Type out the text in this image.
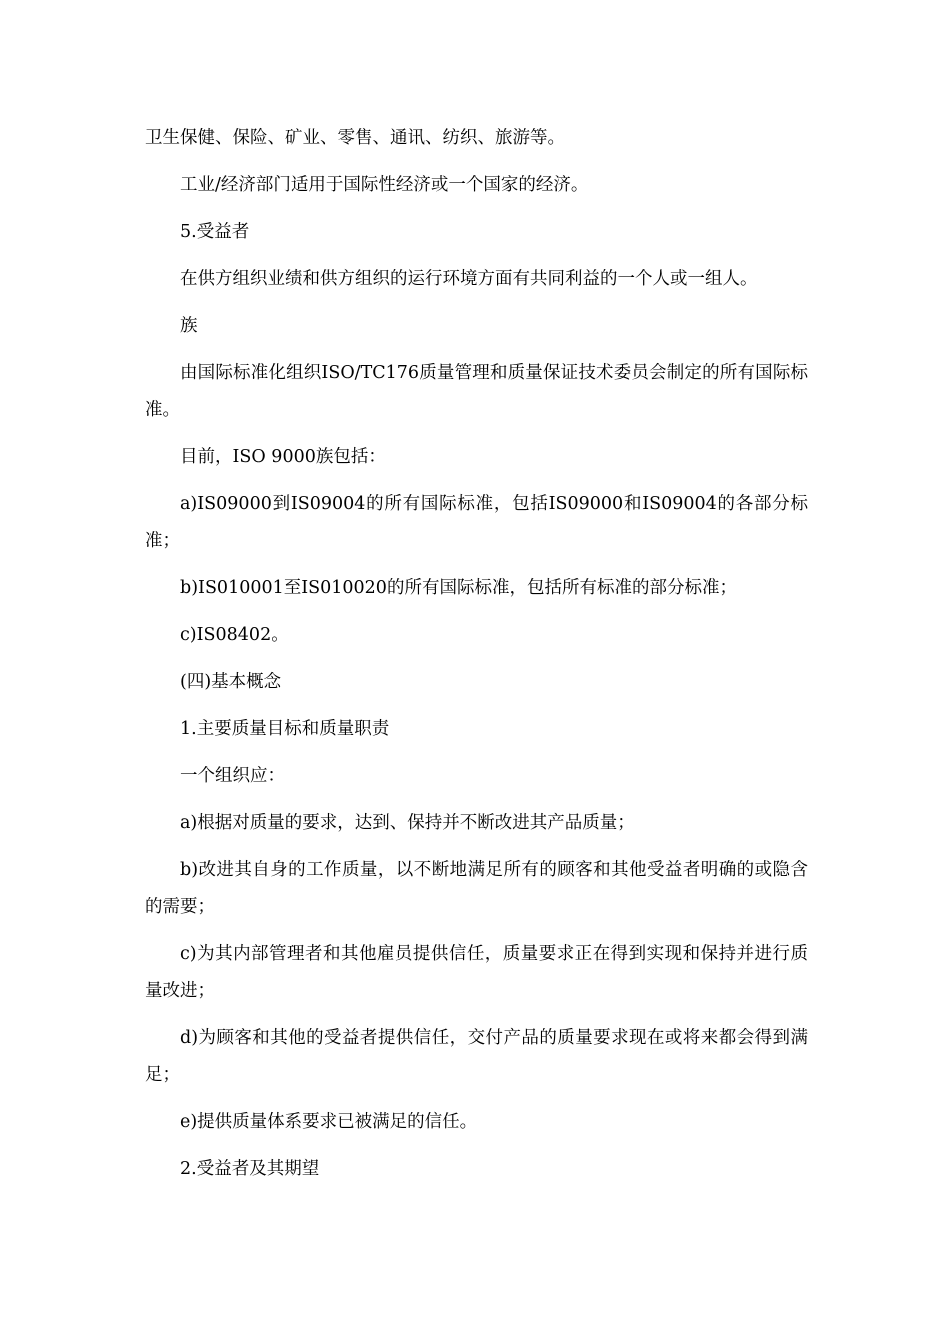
卫生保健、保险、矿业、零售、通讯、纺织、旅游等。

工业/经济部门适用于国际性经济或一个国家的经济。

5.受益者

在供方组织业绩和供方组织的运行环境方面有共同利益的一个人或一组人。

族

由国际标准化组织ISO/TC176质量管理和质量保证技术委员会制定的所有国际标准。

目前，ISO 9000族包括：

a)IS09000到IS09004的所有国际标准，包括IS09000和IS09004的各部分标准；

b)IS010001至IS010020的所有国际标准，包括所有标准的部分标准；

c)IS08402。

(四)基本概念

1.主要质量目标和质量职责

一个组织应：

a)根据对质量的要求，达到、保持并不断改进其产品质量；

b)改进其自身的工作质量，以不断地满足所有的顾客和其他受益者明确的或隐含的需要；

c)为其内部管理者和其他雇员提供信任，质量要求正在得到实现和保持并进行质量改进；

d)为顾客和其他的受益者提供信任，交付产品的质量要求现在或将来都会得到满足；

e)提供质量体系要求已被满足的信任。

2.受益者及其期望
